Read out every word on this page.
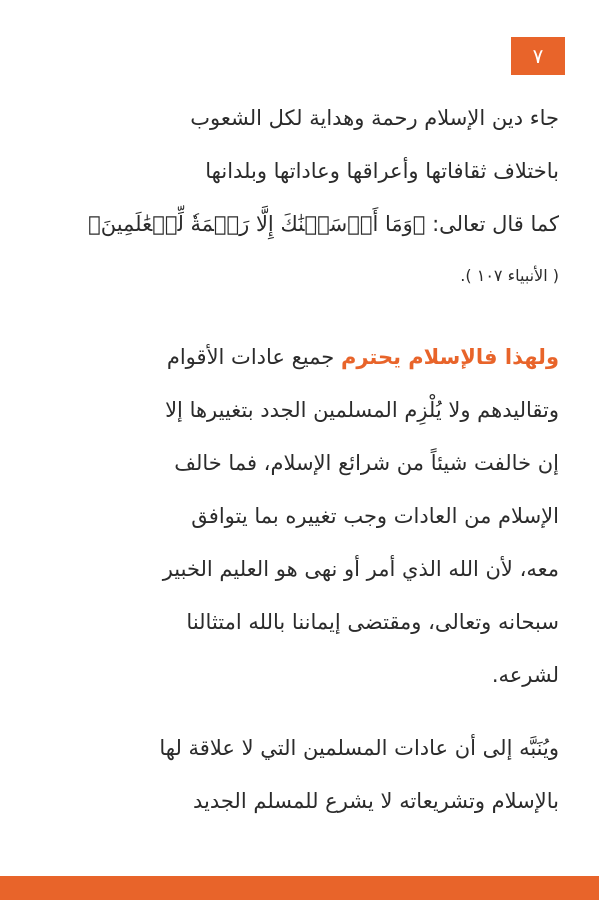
٧
جاء دين الإسلام رحمة وهداية لكل الشعوب
باختلاف ثقافاتها وأعراقها وعاداتها وبلدانها
كما قال تعالى: ﴿وَمَا أَرۡسَلۡنَٰكَ إِلَّا رَحۡمَةٗ لِّلۡعَٰلَمِينَ﴾
( الأنبياء ١٠٧ ).
ولهذا فالإسلام يحترم جميع عادات الأقوام
وتقاليدهم ولا يُلْزِم المسلمين الجدد بتغييرها إلا
إن خالفت شيئاً من شرائع الإسلام، فما خالف
الإسلام من العادات وجب تغييره بما يتوافق
معه، لأن الله الذي أمر أو نهى هو العليم الخبير
سبحانه وتعالى، ومقتضى إيماننا بالله امتثالنا
لشرعه.
ويُنَبَّه إلى أن عادات المسلمين التي لا علاقة لها
بالإسلام وتشريعاته لا يشرع للمسلم الجديد
